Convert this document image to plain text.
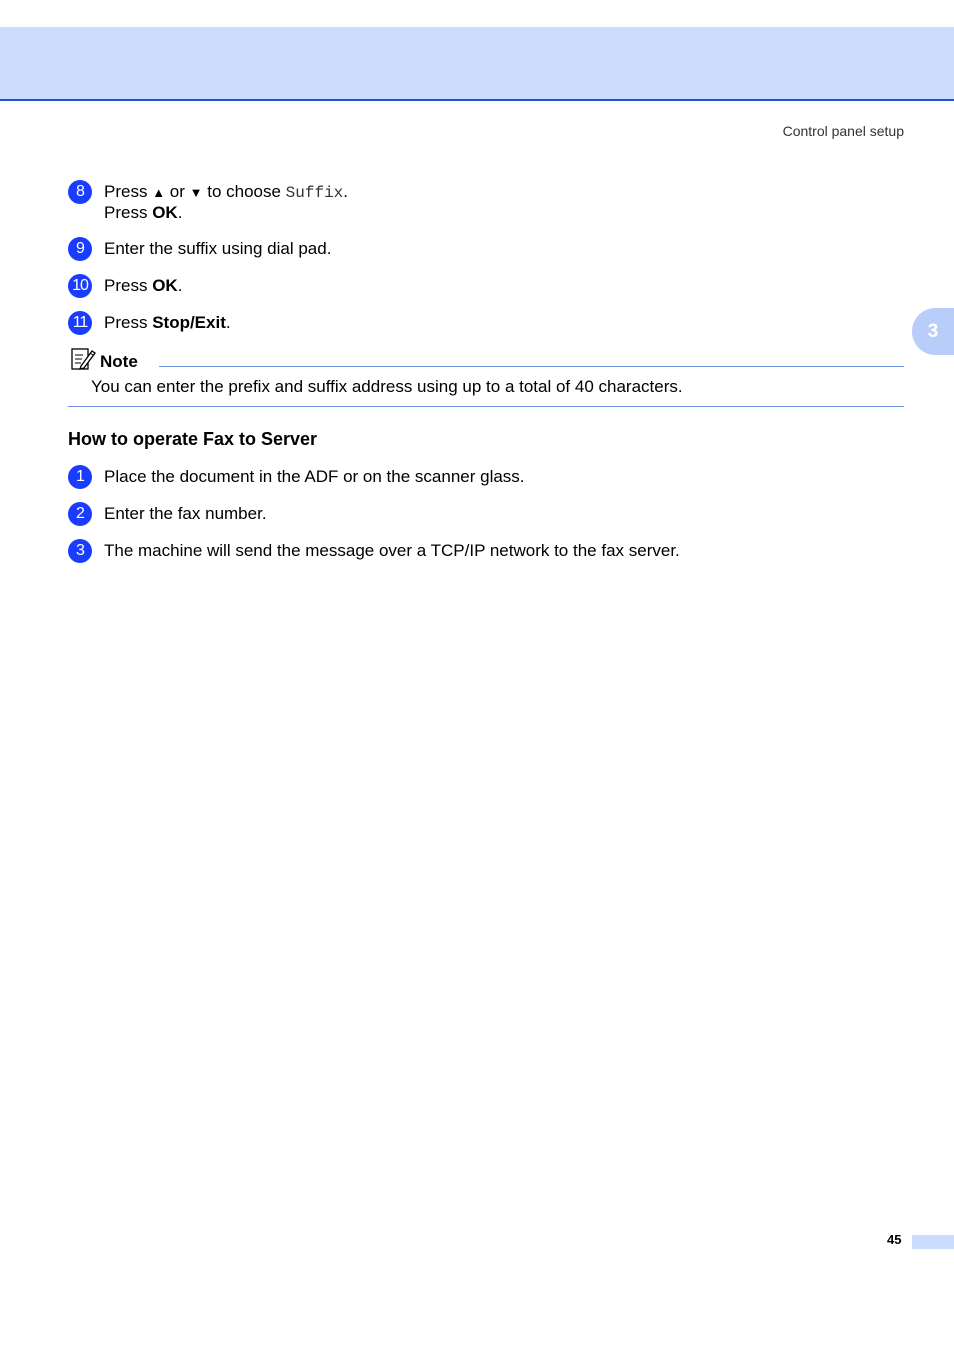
Control panel setup
3
8	Press ▲ or ▼ to choose Suffix.
Press OK.
9	Enter the suffix using dial pad.
10 Press OK.
11 Press Stop/Exit.
Note
You can enter the prefix and suffix address using up to a total of 40 characters.
How to operate Fax to Server
1	Place the document in the ADF or on the scanner glass.
2	Enter the fax number.
3	The machine will send the message over a TCP/IP network to the fax server.
45
